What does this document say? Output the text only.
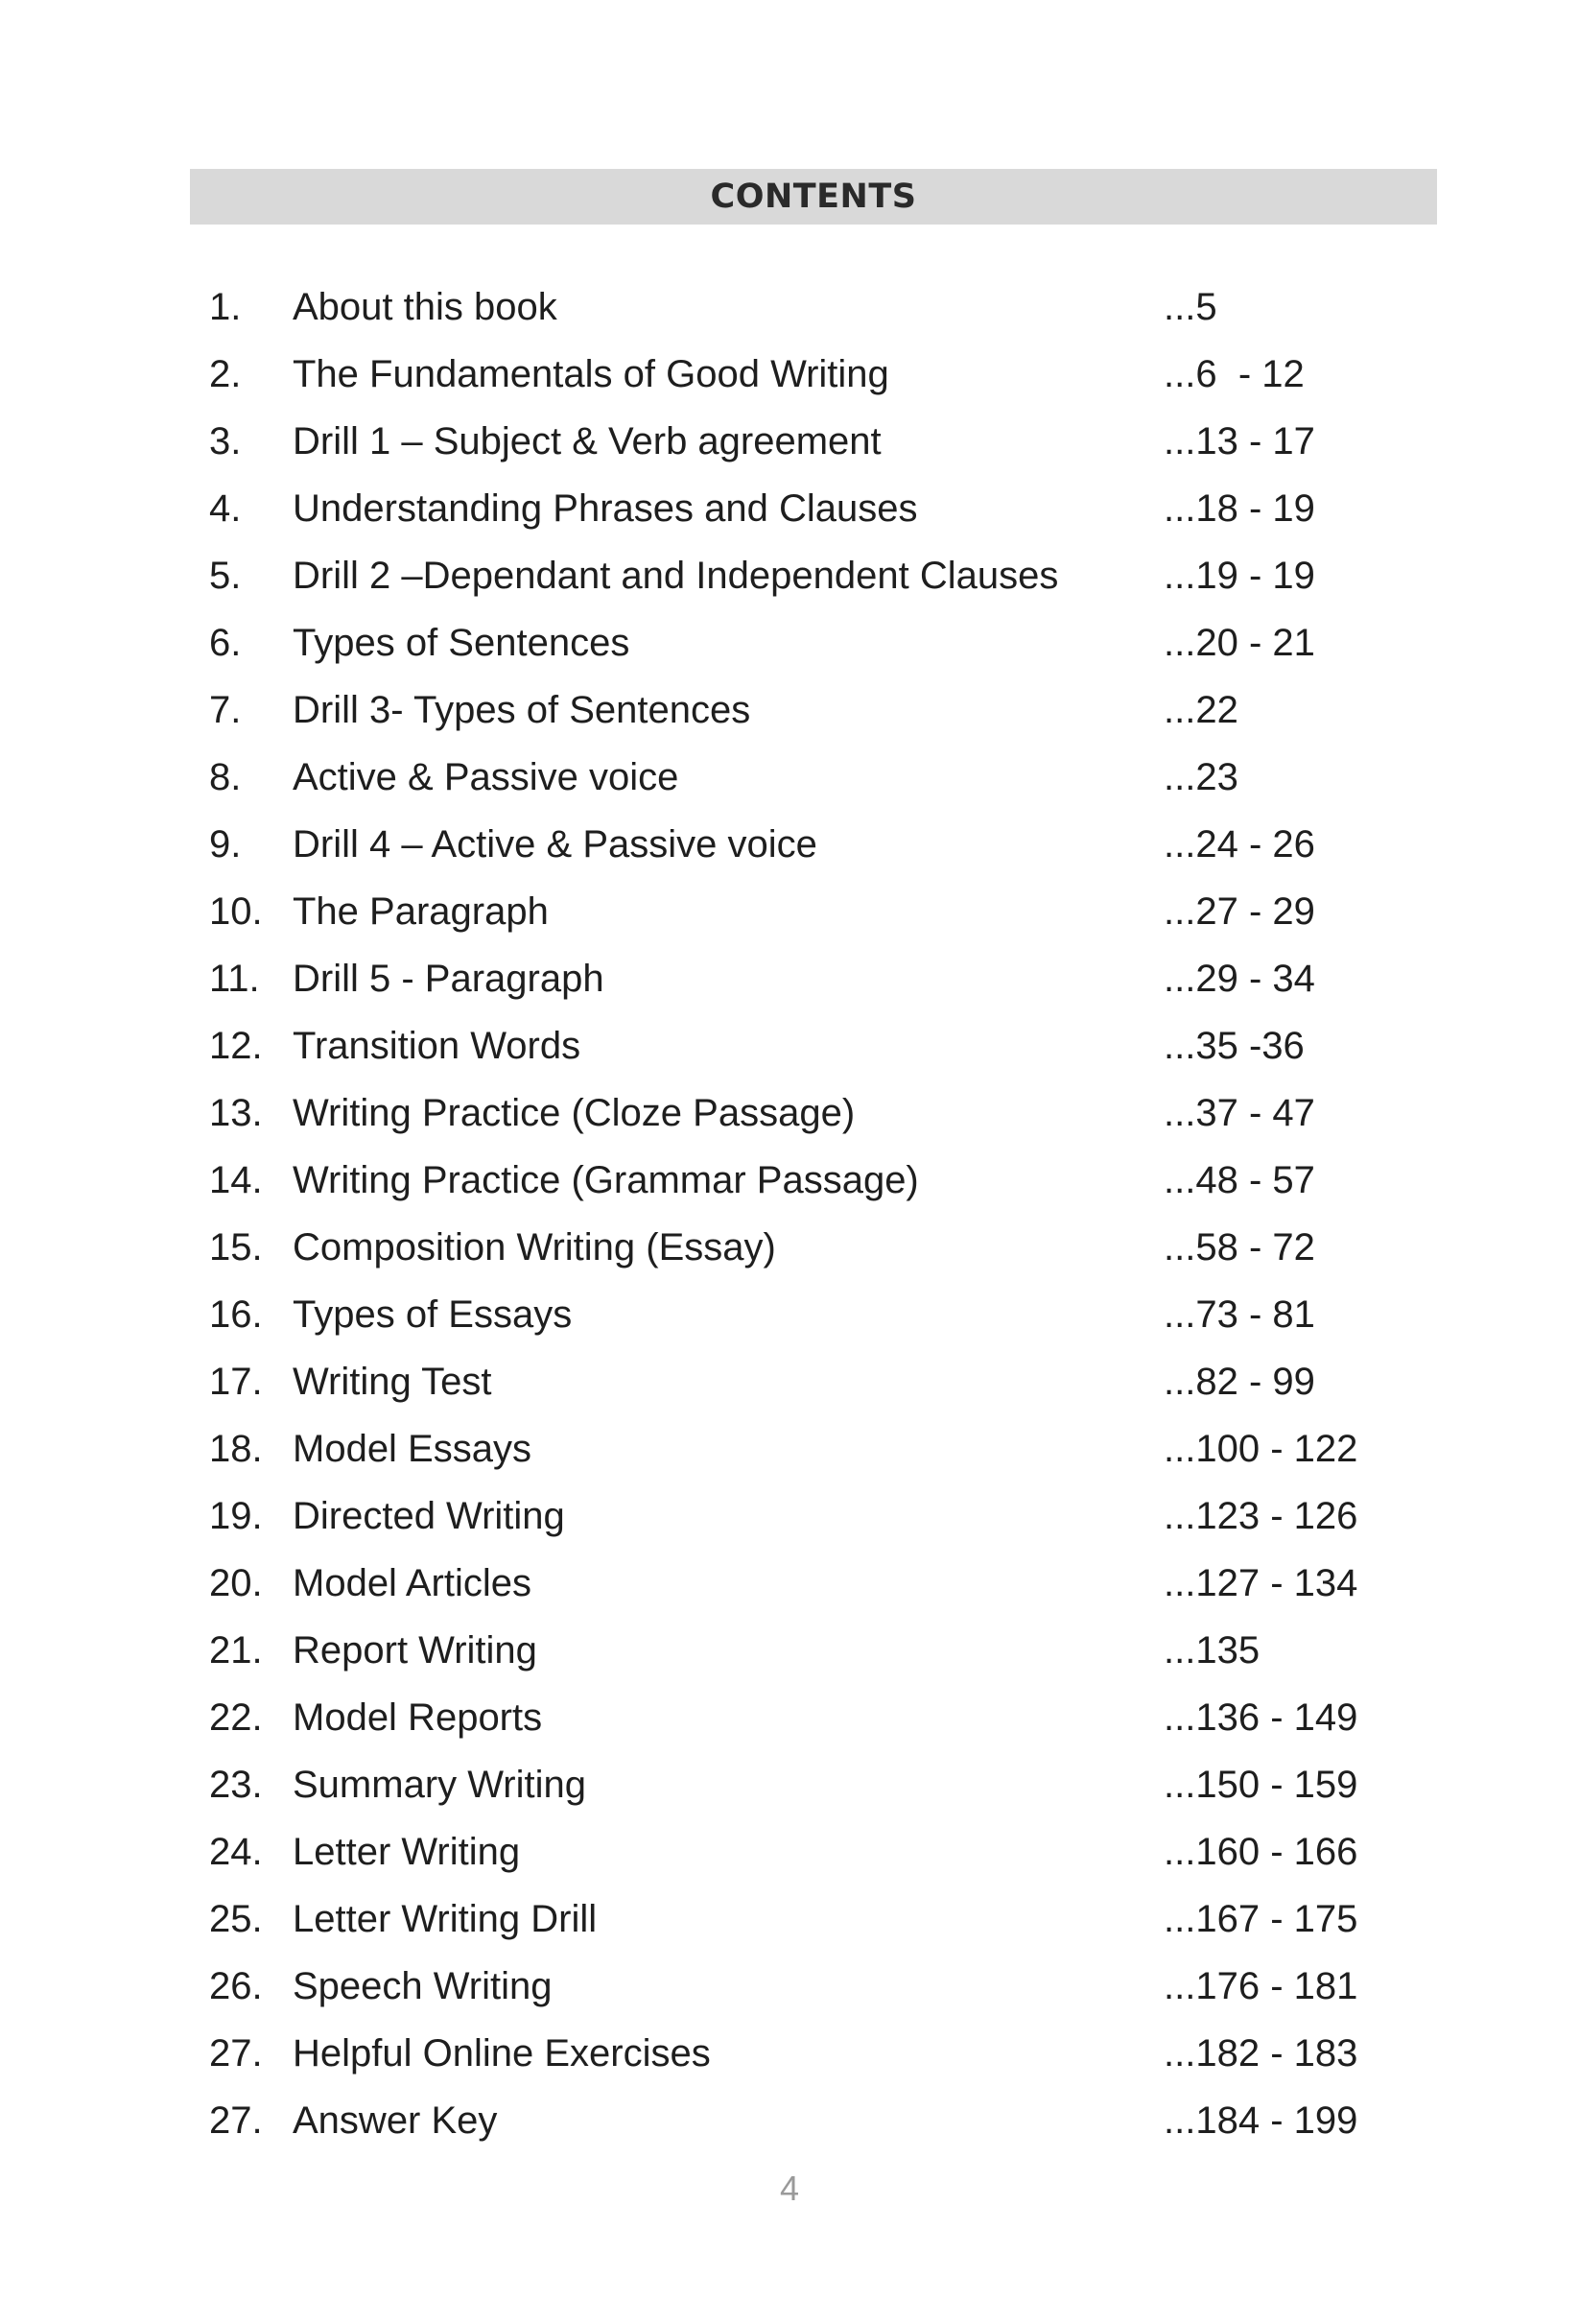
CONTENTS
1.	About this book	...5
2.	The Fundamentals of Good Writing	...6  - 12
3.	Drill 1 – Subject & Verb agreement	...13 - 17
4.	Understanding Phrases and Clauses	...18 - 19
5.	Drill 2 –Dependant and Independent Clauses	...19 - 19
6.	Types of Sentences	...20 - 21
7.	Drill 3- Types of Sentences	...22
8.	Active & Passive voice	...23
9.	Drill 4 – Active & Passive voice	...24 - 26
10. The Paragraph	...27 - 29
11. Drill 5 - Paragraph	...29 - 34
12. Transition Words	...35 -36
13. Writing Practice (Cloze Passage)	...37 - 47
14. Writing Practice (Grammar Passage)	...48 - 57
15. Composition Writing (Essay)	...58 - 72
16. Types of Essays	...73 - 81
17. Writing Test	...82 - 99
18. Model Essays	...100 - 122
19. Directed Writing	...123 - 126
20. Model Articles	...127 - 134
21. Report Writing	...135
22. Model Reports	...136 - 149
23. Summary Writing	...150 - 159
24. Letter Writing	...160 - 166
25. Letter Writing Drill	...167 - 175
26. Speech Writing	...176 - 181
27. Helpful Online Exercises	...182 - 183
27. Answer Key	...184 - 199
4
